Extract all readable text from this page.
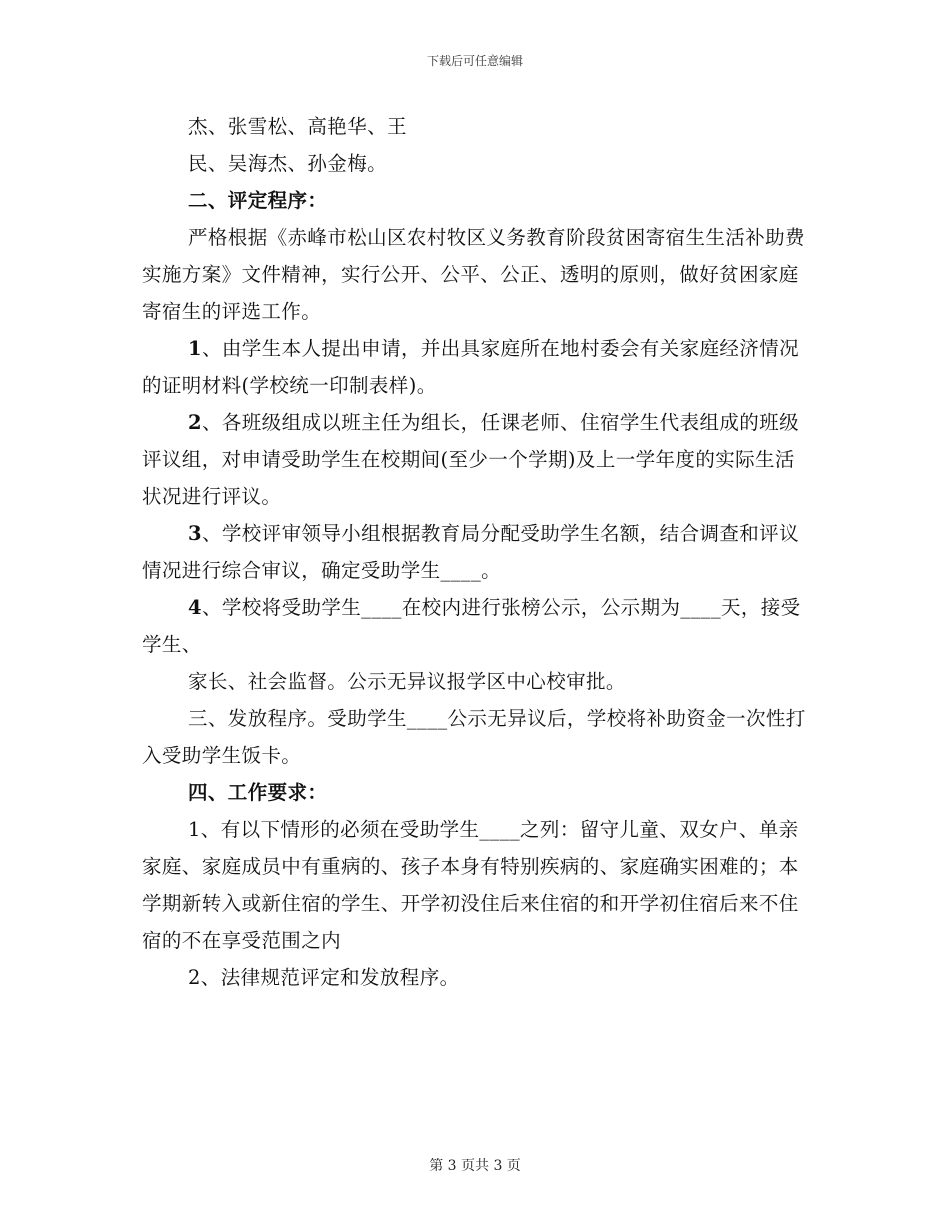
下载后可任意编辑

杰、张雪松、高艳华、王

民、吴海杰、孙金梅。

二、评定程序：

严格根据《赤峰市松山区农村牧区义务教育阶段贫困寄宿生生活补助费实施方案》文件精神，实行公开、公平、公正、透明的原则，做好贫困家庭寄宿生的评选工作。

1、由学生本人提出申请，并出具家庭所在地村委会有关家庭经济情况的证明材料(学校统一印制表样)。

2、各班级组成以班主任为组长，任课老师、住宿学生代表组成的班级评议组，对申请受助学生在校期间(至少一个学期)及上一学年度的实际生活状况进行评议。

3、学校评审领导小组根据教育局分配受助学生名额，结合调查和评议情况进行综合审议，确定受助学生____。

4、学校将受助学生____在校内进行张榜公示，公示期为____天，接受学生、

家长、社会监督。公示无异议报学区中心校审批。

三、发放程序。受助学生____公示无异议后，学校将补助资金一次性打入受助学生饭卡。

四、工作要求：

1、有以下情形的必须在受助学生____之列：留守儿童、双女户、单亲家庭、家庭成员中有重病的、孩子本身有特别疾病的、家庭确实困难的；本学期新转入或新住宿的学生、开学初没住后来住宿的和开学初住宿后来不住宿的不在享受范围之内

2、法律规范评定和发放程序。

第 3 页共 3 页
